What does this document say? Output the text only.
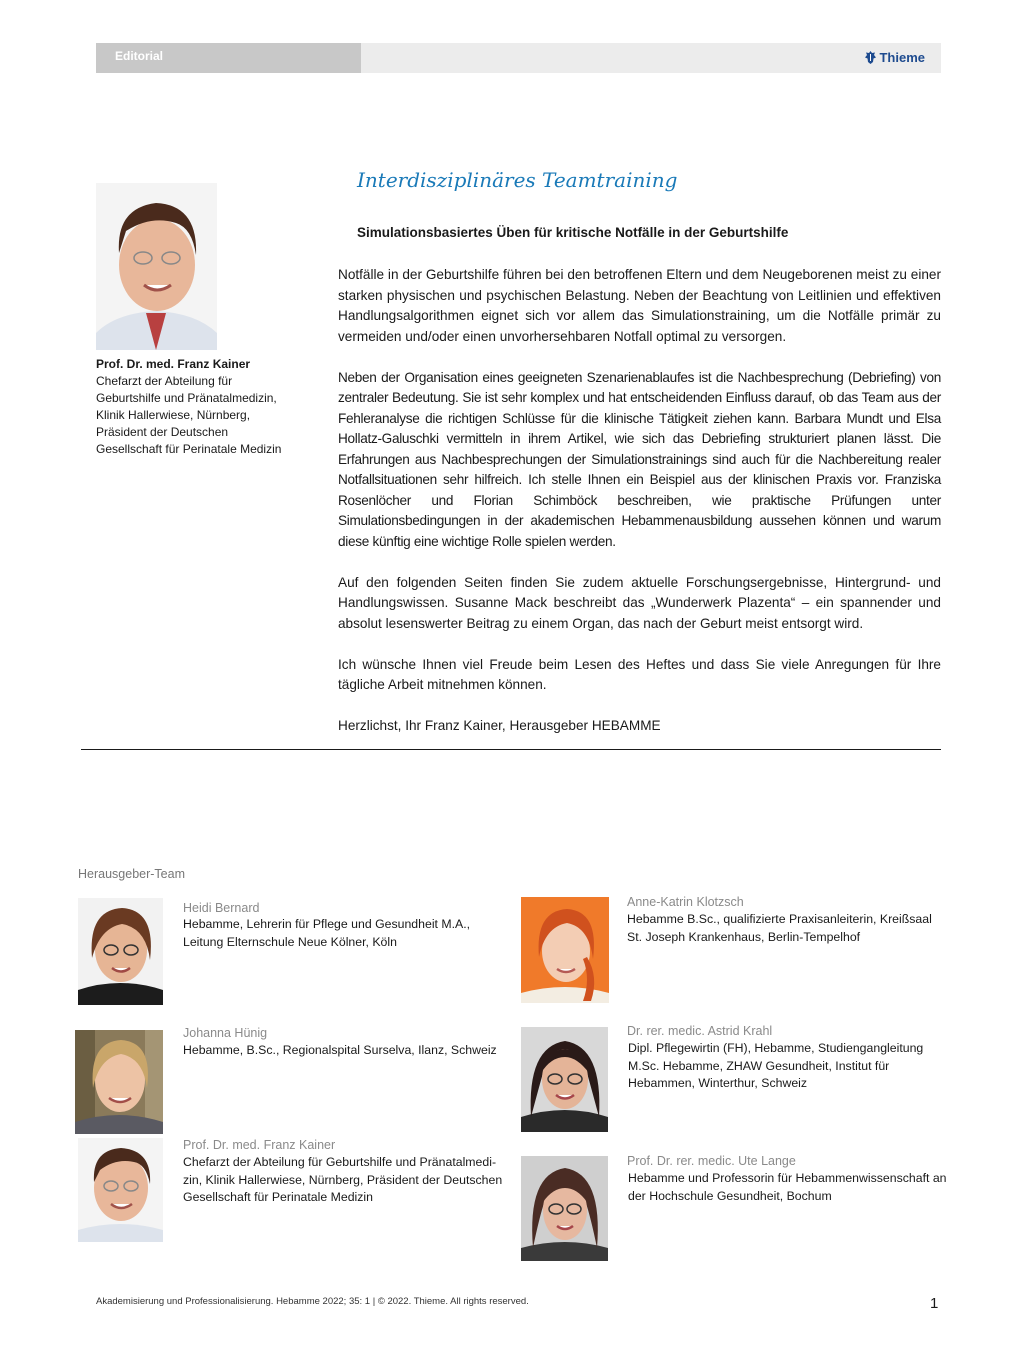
Editorial	Thieme
Prof. Dr. med. Franz Kainer
Chefarzt der Abteilung für
Geburtshilfe und Pränatalmedizin,
Klinik Hallerwiese, Nürnberg,
Präsident der Deutschen
Gesellschaft für Perinatale Medizin
Interdisziplinäres Teamtraining
Simulationsbasiertes Üben für kritische Notfälle in der Geburtshilfe

Notfälle in der Geburtshilfe führen bei den betroffenen Eltern und dem Neugeborenen meist zu einer starken physischen und psychischen Belastung. Neben der Beachtung von Leitlinien und effektiven Handlungsalgorithmen eignet sich vor allem das Simulationstraining, um die Notfälle primär zu vermeiden und/oder einen unvorhersehbaren Notfall optimal zu versorgen.

Neben der Organisation eines geeigneten Szenarienablaufes ist die Nachbesprechung (Debriefing) von zentraler Bedeutung. Sie ist sehr komplex und hat entscheidenden Einfluss darauf, ob das Team aus der Fehleranalyse die richtigen Schlüsse für die klinische Tätigkeit ziehen kann. Barbara Mundt und Elsa Hollatz-Galuschki vermitteln in ihrem Artikel, wie sich das Debriefing strukturiert planen lässt. Die Erfahrungen aus Nachbesprechungen der Simulationstrainings sind auch für die Nachbereitung realer Notfallsituationen sehr hilfreich. Ich stelle Ihnen ein Beispiel aus der klinischen Praxis vor. Franziska Rosenlöcher und Florian Schimböck beschreiben, wie praktische Prüfungen unter Simulationsbedingungen in der akademischen Hebammenausbildung aussehen können und warum diese künftig eine wichtige Rolle spielen werden.

Auf den folgenden Seiten finden Sie zudem aktuelle Forschungsergebnisse, Hintergrund- und Handlungswissen. Susanne Mack beschreibt das „Wunderwerk Plazenta“ – ein spannender und absolut lesenswerter Beitrag zu einem Organ, das nach der Geburt meist entsorgt wird.

Ich wünsche Ihnen viel Freude beim Lesen des Heftes und dass Sie viele Anregungen für Ihre tägliche Arbeit mitnehmen können.

Herzlichst, Ihr Franz Kainer, Herausgeber HEBAMME

Herausgeber-Team
Heidi Bernard
Hebamme, Lehrerin für Pflege und Gesundheit M.A.,
Leitung Elternschule Neue Kölner, Köln
Johanna Hünig
Hebamme, B.Sc., Regionalspital Surselva, Ilanz, Schweiz
Prof. Dr. med. Franz Kainer
Chefarzt der Abteilung für Geburtshilfe und Pränatalmedi-
zin, Klinik Hallerwiese, Nürnberg, Präsident der Deutschen
Gesellschaft für Perinatale Medizin
Anne-Katrin Klotzsch
Hebamme B.Sc., qualifizierte Praxisanleiterin, Kreißsaal
St. Joseph Krankenhaus, Berlin-Tempelhof
Dr. rer. medic. Astrid Krahl
Dipl. Pflegewirtin (FH), Hebamme, Studiengangleitung
M.Sc. Hebamme, ZHAW Gesundheit, Institut für
Hebammen, Winterthur, Schweiz
Prof. Dr. rer. medic. Ute Lange
Hebamme und Professorin für Hebammenwissenschaft an
der Hochschule Gesundheit, Bochum
Akademisierung und Professionalisierung. Hebamme 2022; 35: 1 | © 2022. Thieme. All rights reserved.	1
